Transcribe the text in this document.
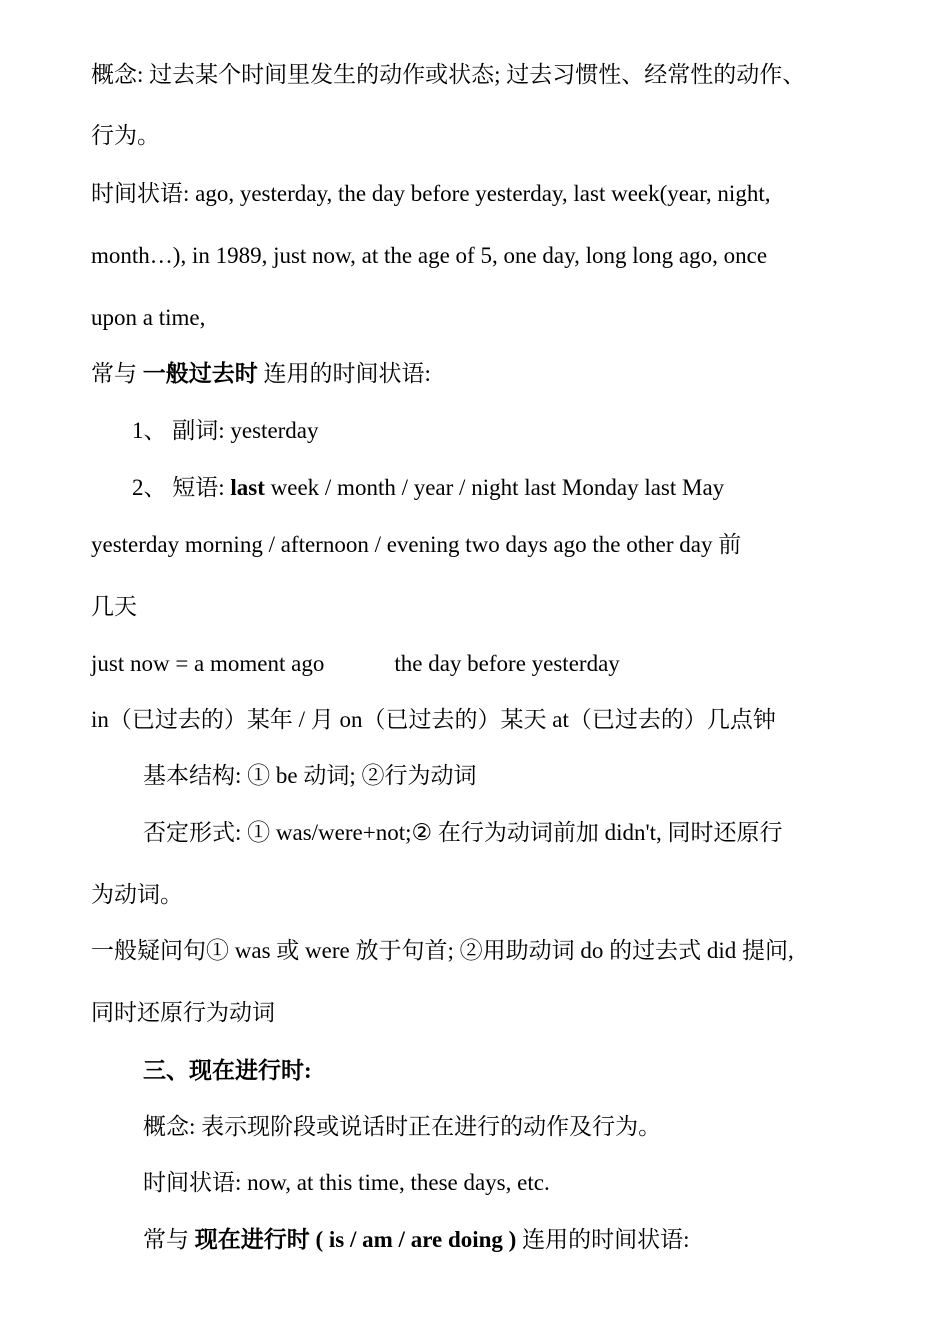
概念: 过去某个时间里发生的动作或状态; 过去习惯性、经常性的动作、
行为。
时间状语: ago, yesterday, the day before yesterday, last week(year, night,
month…), in 1989, just now, at the age of 5, one day, long long ago, once
upon a time,
常与 一般过去时 连用的时间状语:
1、 副词: yesterday
2、 短语: last week / month / year / night last Monday last May
yesterday morning / afternoon / evening two days ago the other day 前
几天
just now = a moment ago	the day before yesterday
in（已过去的）某年 / 月 on（已过去的）某天 at（已过去的）几点钟
基本结构: ① be 动词; ②行为动词
否定形式: ① was/were+not;② 在行为动词前加 didn't, 同时还原行
为动词。
一般疑问句① was 或 were 放于句首; ②用助动词 do 的过去式 did 提问,
同时还原行为动词
三、现在进行时:
概念: 表示现阶段或说话时正在进行的动作及行为。
时间状语: now, at this time, these days, etc.
常与 现在进行时 ( is / am / are doing ) 连用的时间状语:
